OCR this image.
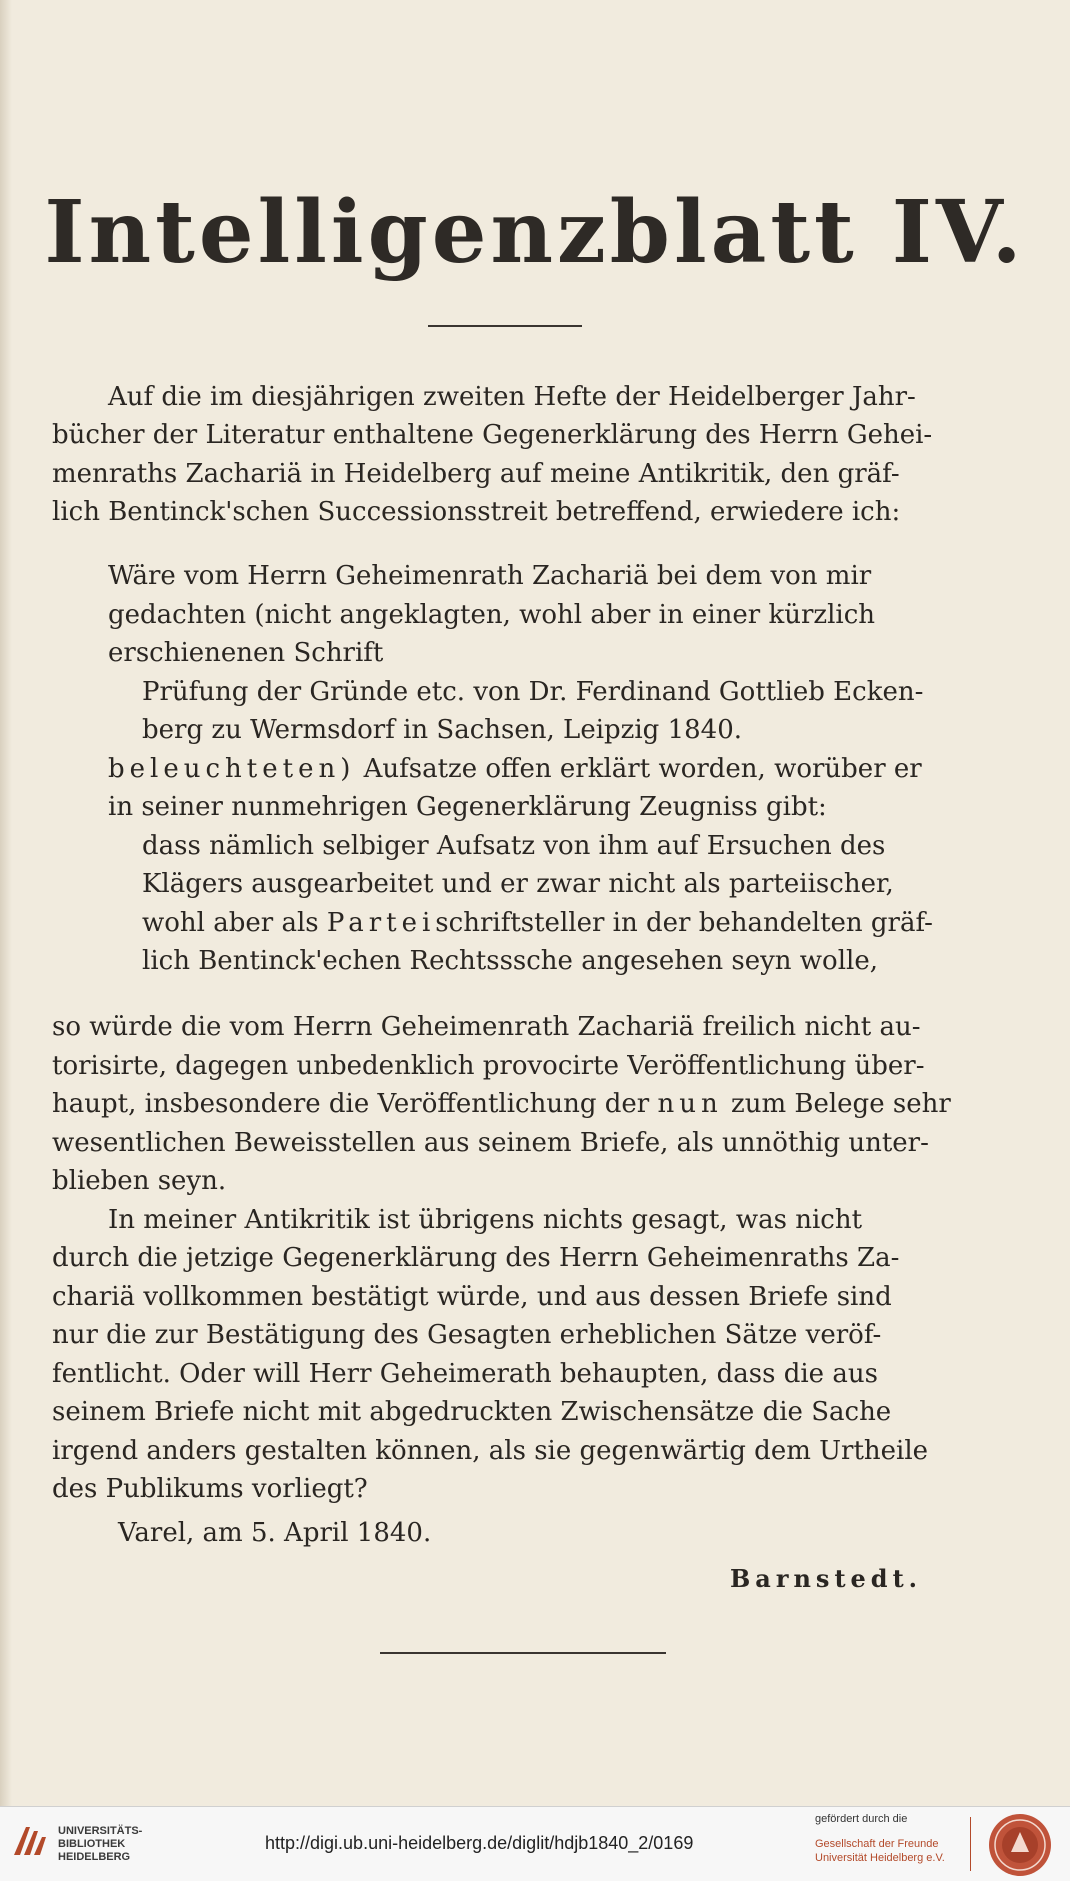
Intelligenzblatt IV.
Auf die im diesjährigen zweiten Hefte der Heidelberger Jahr-
bücher der Literatur enthaltene Gegenerklärung des Herrn Gehei-
menraths Zachariä in Heidelberg auf meine Antikritik, den gräf-
lich Bentinck'schen Successionsstreit betreffend, erwiedere ich:
Wäre vom Herrn Geheimenrath Zachariä bei dem von mir
gedachten (nicht angeklagten, wohl aber in einer kürzlich
erschienenen Schrift
Prüfung der Gründe etc. von Dr. Ferdinand Gottlieb Ecken-
berg zu Wermsdorf in Sachsen, Leipzig 1840.
beleuchteten) Aufsatze offen erklärt worden, worüber er
in seiner nunmehrigen Gegenerklärung Zeugniss gibt:
dass nämlich selbiger Aufsatz von ihm auf Ersuchen des
Klägers ausgearbeitet und er zwar nicht als parteiischer,
wohl aber als Parteischriftsteller in der behandelten gräf-
lich Bentinck'echen Rechtsssche angesehen seyn wolle,
so würde die vom Herrn Geheimenrath Zachariä freilich nicht au-
torisirte, dagegen unbedenklich provocirte Veröffentlichung über-
haupt, insbesondere die Veröffentlichung der nun zum Belege sehr
wesentlichen Beweisstellen aus seinem Briefe, als unnöthig unter-
blieben seyn.
In meiner Antikritik ist übrigens nichts gesagt, was nicht
durch die jetzige Gegenerklärung des Herrn Geheimenraths Za-
chariä vollkommen bestätigt würde, und aus dessen Briefe sind
nur die zur Bestätigung des Gesagten erheblichen Sätze veröf-
fentlicht. Oder will Herr Geheimerath behaupten, dass die aus
seinem Briefe nicht mit abgedruckten Zwischensätze die Sache
irgend anders gestalten können, als sie gegenwärtig dem Urtheile
des Publikums vorliegt?
Varel, am 5. April 1840.
Barnstedt.
UNIVERSITÄTS-
BIBLIOTHEK
HEIDELBERG
http://digi.ub.uni-heidelberg.de/diglit/hdjb1840_2/0169
gefördert durch die
Gesellschaft der Freunde
Universität Heidelberg e.V.
